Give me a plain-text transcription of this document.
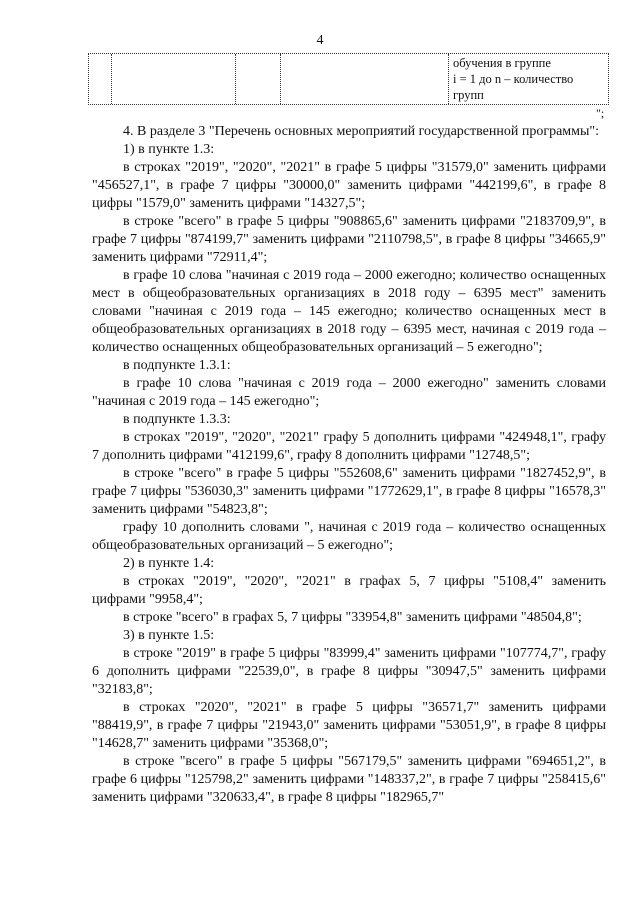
4
обучения в группе
i = 1 до n – количество
групп
";

4. В разделе 3 "Перечень основных мероприятий государственной программы":

1) в пункте 1.3:

в строках "2019", "2020", "2021" в графе 5 цифры "31579,0" заменить цифрами "456527,1", в графе 7 цифры "30000,0" заменить цифрами "442199,6", в графе 8 цифры "1579,0" заменить цифрами "14327,5";

в строке "всего" в графе 5 цифры "908865,6" заменить цифрами "2183709,9", в графе 7 цифры "874199,7" заменить цифрами "2110798,5", в графе 8 цифры "34665,9" заменить цифрами "72911,4";

в графе 10 слова "начиная с 2019 года – 2000 ежегодно; количество оснащенных мест в общеобразовательных организациях в 2018 году – 6395 мест" заменить словами "начиная с 2019 года – 145 ежегодно; количество оснащенных мест в общеобразовательных организациях в 2018 году – 6395 мест, начиная с 2019 года – количество оснащенных общеобразовательных организаций – 5 ежегодно";

в подпункте 1.3.1:

в графе 10 слова "начиная с 2019 года – 2000 ежегодно" заменить словами "начиная с 2019 года – 145 ежегодно";

в подпункте 1.3.3:

в строках "2019", "2020", "2021" графу 5 дополнить цифрами "424948,1", графу 7 дополнить цифрами "412199,6", графу 8 дополнить цифрами "12748,5";

в строке "всего" в графе 5 цифры "552608,6" заменить цифрами "1827452,9", в графе 7 цифры "536030,3" заменить цифрами "1772629,1", в графе 8 цифры "16578,3" заменить цифрами "54823,8";

графу 10 дополнить словами ", начиная с 2019 года – количество оснащенных общеобразовательных организаций – 5 ежегодно";

2) в пункте 1.4:

в строках "2019", "2020", "2021" в графах 5, 7 цифры "5108,4" заменить цифрами "9958,4";

в строке "всего" в графах 5, 7 цифры "33954,8" заменить цифрами "48504,8";

3) в пункте 1.5:

в строке "2019" в графе 5 цифры "83999,4" заменить цифрами "107774,7", графу 6 дополнить цифрами "22539,0", в графе 8 цифры "30947,5" заменить цифрами "32183,8";

в строках "2020", "2021" в графе 5 цифры "36571,7" заменить цифрами "88419,9", в графе 7 цифры "21943,0" заменить цифрами "53051,9", в графе 8 цифры "14628,7" заменить цифрами "35368,0";

в строке "всего" в графе 5 цифры "567179,5" заменить цифрами "694651,2", в графе 6 цифры "125798,2" заменить цифрами "148337,2", в графе 7 цифры "258415,6" заменить цифрами "320633,4", в графе 8 цифры "182965,7"
